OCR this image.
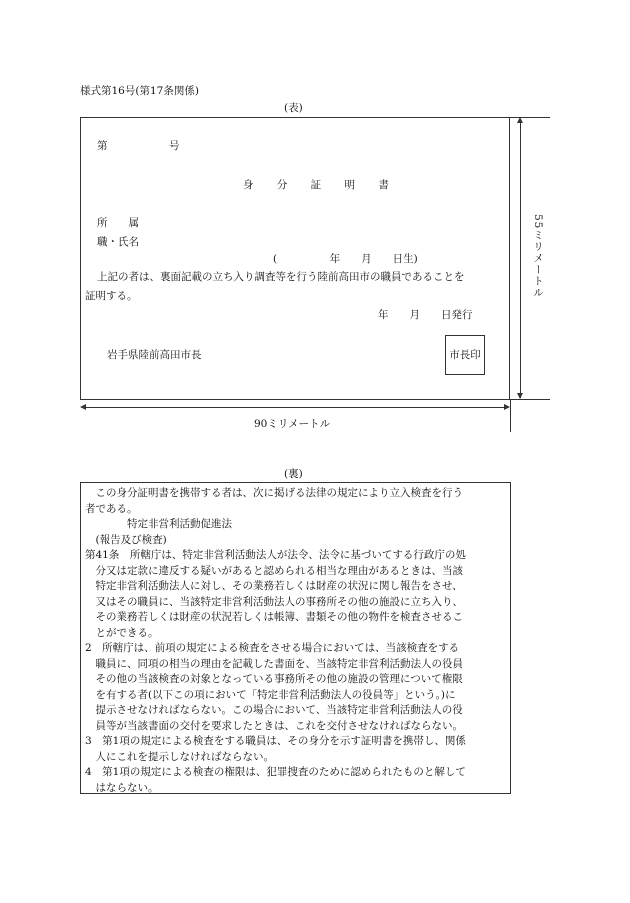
様式第16号(第17条関係)
(表)
第	号
身 分 証 明 書
所　　属
職・氏名
(　　　　　年　　月　　日生)
上記の者は、裏面記載の立ち入り調査等を行う陸前高田市の職員であることを
証明する。
年　　月　　日発行
岩手県陸前高田市長	市長印
55ミリメートル
90ミリメートル
(裏)
　この身分証明書を携帯する者は、次に掲げる法律の規定により立入検査を行う
者である。
　　　　特定非営利活動促進法
　(報告及び検査)
第41条　所轄庁は、特定非営利活動法人が法令、法令に基づいてする行政庁の処
　分又は定款に違反する疑いがあると認められる相当な理由があるときは、当該
　特定非営利活動法人に対し、その業務若しくは財産の状況に関し報告をさせ、
　又はその職員に、当該特定非営利活動法人の事務所その他の施設に立ち入り、
　その業務若しくは財産の状況若しくは帳簿、書類その他の物件を検査させるこ
　とができる。
2　所轄庁は、前項の規定による検査をさせる場合においては、当該検査をする
　職員に、同項の相当の理由を記載した書面を、当該特定非営利活動法人の役員
　その他の当該検査の対象となっている事務所その他の施設の管理について権限
　を有する者(以下この項において「特定非営利活動法人の役員等」という。)に
　提示させなければならない。この場合において、当該特定非営利活動法人の役
　員等が当該書面の交付を要求したときは、これを交付させなければならない。
3　第1項の規定による検査をする職員は、その身分を示す証明書を携帯し、関係
　人にこれを提示しなければならない。
4　第1項の規定による検査の権限は、犯罪捜査のために認められたものと解して
　はならない。
